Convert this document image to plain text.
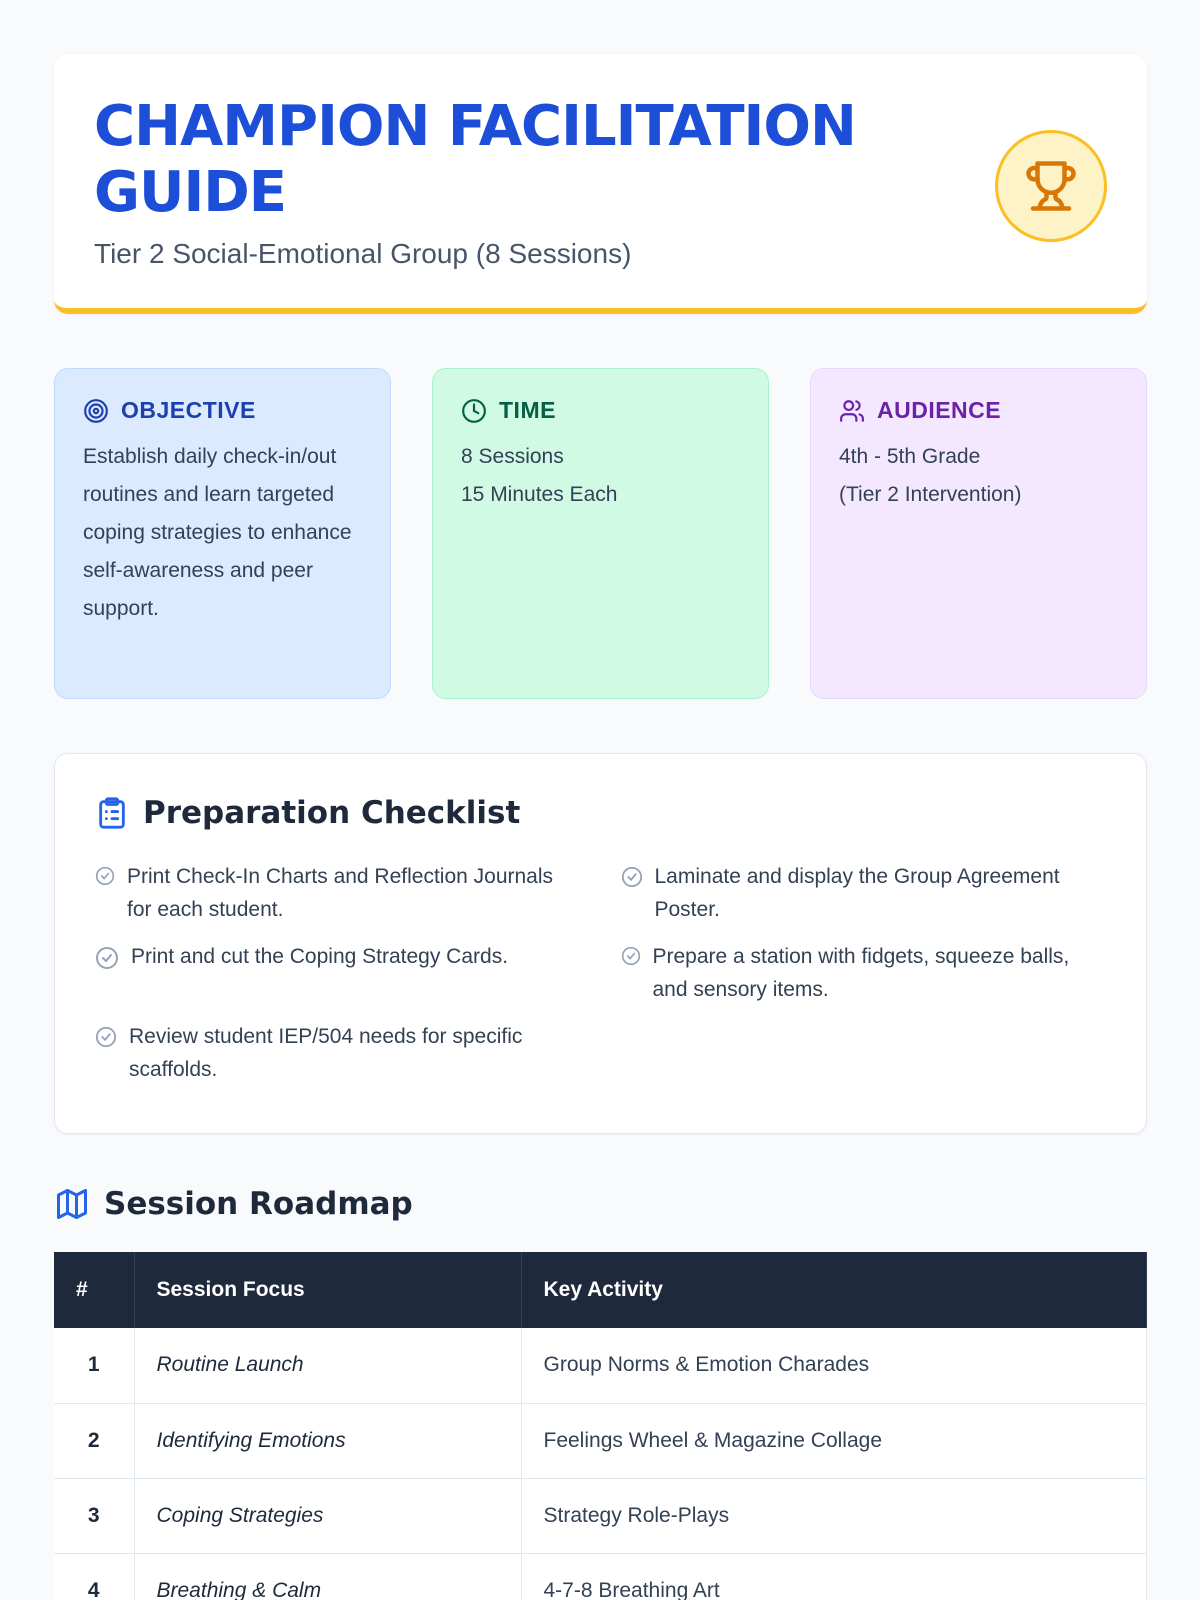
CHAMPION FACILITATION GUIDE
Tier 2 Social-Emotional Group (8 Sessions)
OBJECTIVE
Establish daily check-in/out routines and learn targeted coping strategies to enhance self-awareness and peer support.
TIME
8 Sessions
15 Minutes Each
AUDIENCE
4th - 5th Grade
(Tier 2 Intervention)
Preparation Checklist
Print Check-In Charts and Reflection Journals for each student.
Laminate and display the Group Agreement Poster.
Print and cut the Coping Strategy Cards.	Prepare a station with fidgets, squeeze balls, and sensory items.
Review student IEP/504 needs for specific scaffolds.
Session Roadmap
#	Session Focus	Key Activity
1	Routine Launch	Group Norms & Emotion Charades
2	Identifying Emotions	Feelings Wheel & Magazine Collage
3	Coping Strategies	Strategy Role-Plays
4	Breathing & Calm	4-7-8 Breathing Art
